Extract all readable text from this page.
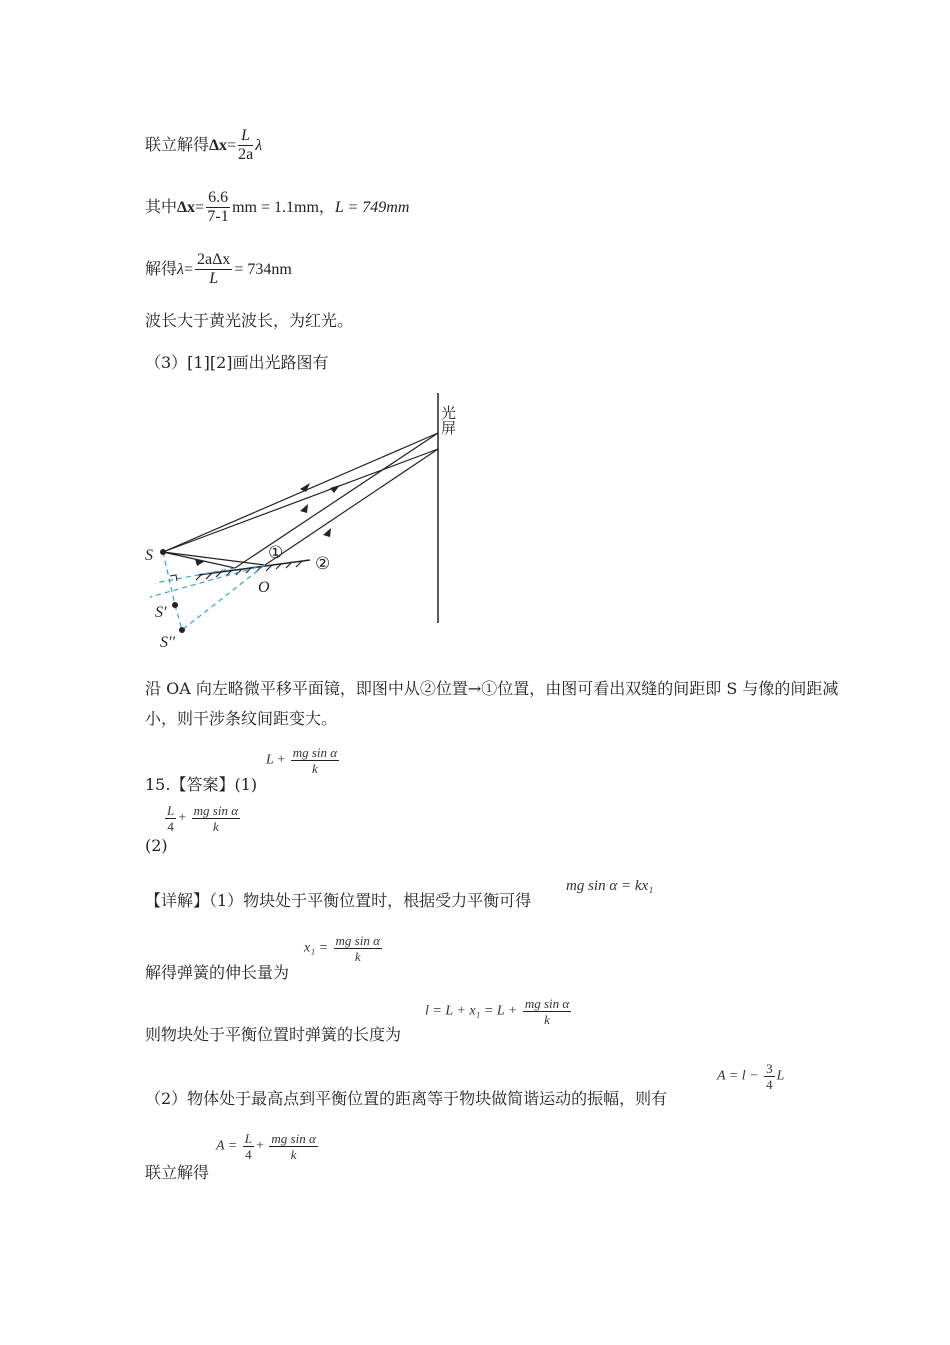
联立解得$\Delta x= \frac{L}{2a}$ λ
其中$\Delta x= \frac{6.6}{7-1}$ mm = 1.1mm，L = 749mm
解得$\lambda= \frac{\text{2aΔx}}{L} = 734nm$
波长大于黄光波长，为红光。
（3）[1][2]画出光路图有
光屏
S
S′
S′′
O
①
②
沿 OA 向左略微平移平面镜，即图中从②位置→①位置，由图可看出双缝的间距即 S 与像的间距减小，则干涉条纹间距变大。
15.【答案】(1)
$L + \frac{\text{mg sin α}}{k}$
$\frac{L}{4} + \frac{\text{mg sin α}}{k}$
(2)
【详解】（1）物块处于平衡位置时，根据受力平衡可得
mg sin α = kx₁
解得弹簧的伸长量为
$x_1 = \frac{\text{mg sin α}}{k}$
则物块处于平衡位置时弹簧的长度为
$l = L + x_1 = L + \frac{\text{mg sin α}}{k}$
（2）物体处于最高点到平衡位置的距离等于物块做简谐运动的振幅，则有
$A = l - \frac{3}{4}$ L
联立解得
$A = \frac{L}{4} + \frac{\text{mg sin α}}{k}$
